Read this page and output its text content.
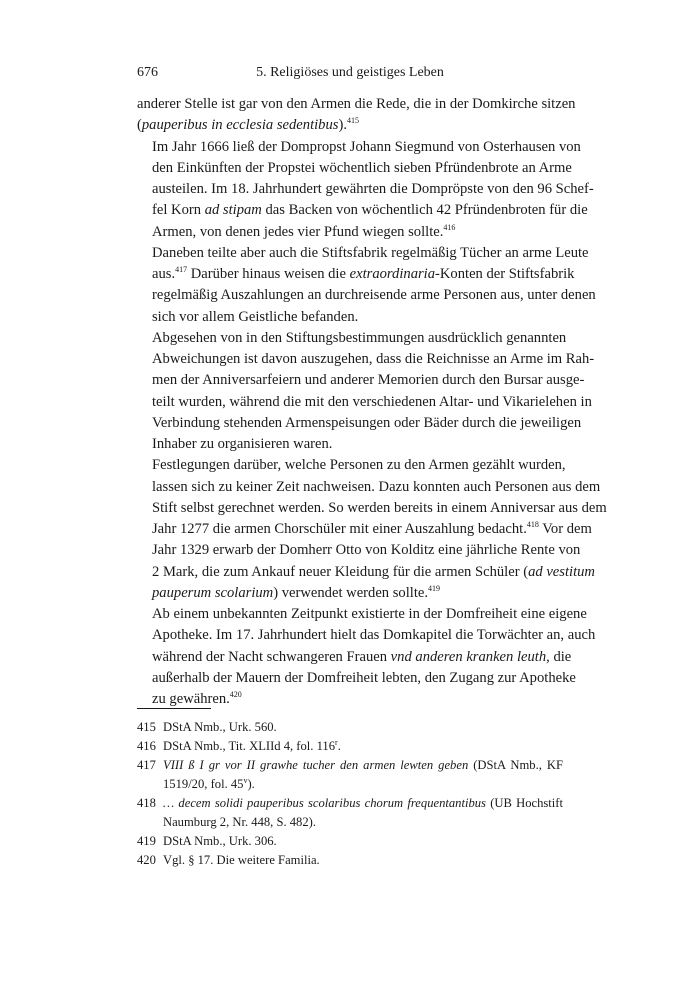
676	5. Religiöses und geistiges Leben

anderer Stelle ist gar von den Armen die Rede, die in der Domkirche sitzen
(pauperibus in ecclesia sedentibus).$^{415}$

Im Jahr 1666 ließ der Dompropst Johann Siegmund von Osterhausen von
den Einkünften der Propstei wöchentlich sieben Pfründenbrote an Arme
austeilen. Im 18. Jahrhundert gewährten die Dompröpste von den 96 Schef-
fel Korn ad stipam das Backen von wöchentlich 42 Pfründenbroten für die
Armen, von denen jedes vier Pfund wiegen sollte.$^{416}$

Daneben teilte aber auch die Stiftsfabrik regelmäßig Tücher an arme Leute
aus.$^{417}$ Darüber hinaus weisen die extraordinaria-Konten der Stiftsfabrik
regelmäßig Auszahlungen an durchreisende arme Personen aus, unter denen
sich vor allem Geistliche befanden.

Abgesehen von in den Stiftungsbestimmungen ausdrücklich genannten
Abweichungen ist davon auszugehen, dass die Reichnisse an Arme im Rah-
men der Anniversarfeiern und anderer Memorien durch den Bursar ausge-
teilt wurden, während die mit den verschiedenen Altar- und Vikarielehen in
Verbindung stehenden Armenspeisungen oder Bäder durch die jeweiligen
Inhaber zu organisieren waren.

Festlegungen darüber, welche Personen zu den Armen gezählt wurden,
lassen sich zu keiner Zeit nachweisen. Dazu konnten auch Personen aus dem
Stift selbst gerechnet werden. So werden bereits in einem Anniversar aus dem
Jahr 1277 die armen Chorschüler mit einer Auszahlung bedacht.$^{418}$ Vor dem
Jahr 1329 erwarb der Domherr Otto von Kolditz eine jährliche Rente von
2 Mark, die zum Ankauf neuer Kleidung für die armen Schüler (ad vestitum
pauperum scolarium) verwendet werden sollte.$^{419}$

Ab einem unbekannten Zeitpunkt existierte in der Domfreiheit eine eigene
Apotheke. Im 17. Jahrhundert hielt das Domkapitel die Torwächter an, auch
während der Nacht schwangeren Frauen vnd anderen kranken leuth, die
außerhalb der Mauern der Domfreiheit lebten, den Zugang zur Apotheke
zu gewähren.$^{420}$

415 DStA Nmb., Urk. 560.
416 DStA Nmb., Tit. XLIId 4, fol. 116$^r$.
417 VIII ß I gr vor II grawhe tucher den armen lewten geben (DStA Nmb., KF
1519/20, fol. 45$^v$).
418 … decem solidi pauperibus scolaribus chorum frequentantibus (UB Hochstift
Naumburg 2, Nr. 448, S. 482).
419 DStA Nmb., Urk. 306.
420 Vgl. § 17. Die weitere Familia.
